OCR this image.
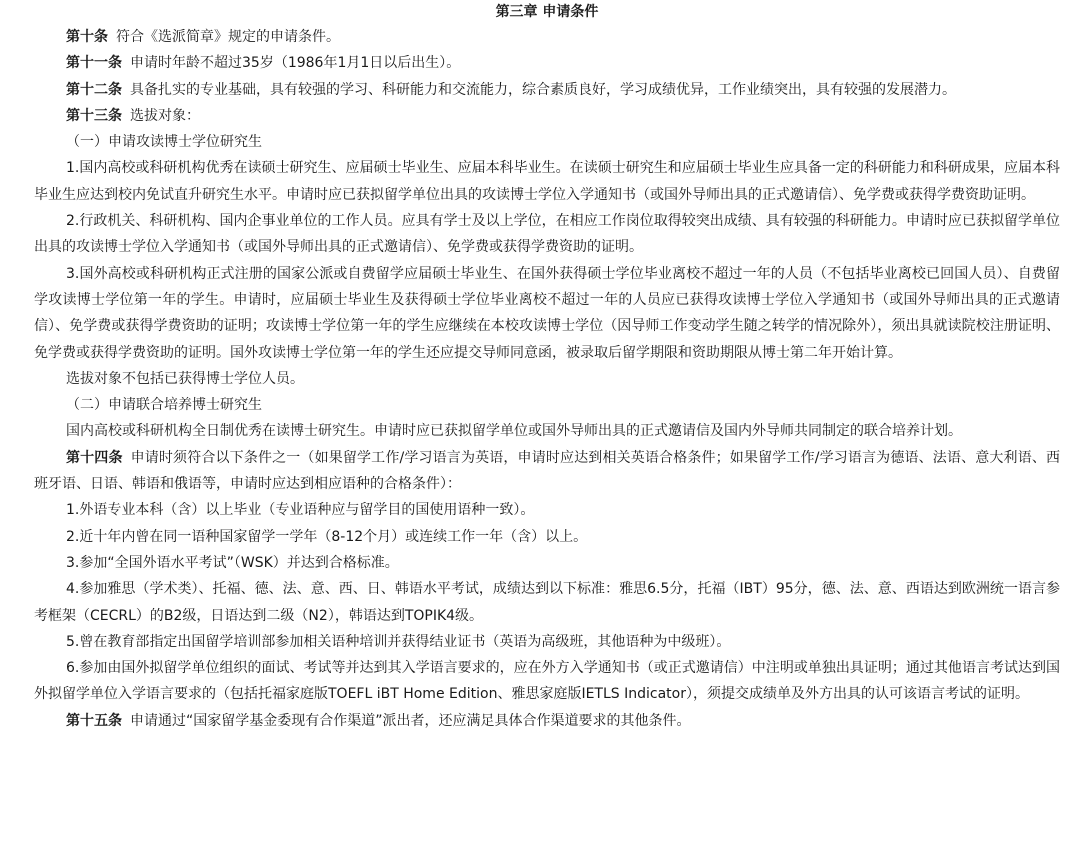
第三章 申请条件

第十条 符合《选派简章》规定的申请条件。

第十一条 申请时年龄不超过35岁（1986年1月1日以后出生）。

第十二条 具备扎实的专业基础，具有较强的学习、科研能力和交流能力，综合素质良好，学习成绩优异，工作业绩突出，具有较强的发展潜力。

第十三条 选拔对象：

（一）申请攻读博士学位研究生

1.国内高校或科研机构优秀在读硕士研究生、应届硕士毕业生、应届本科毕业生。在读硕士研究生和应届硕士毕业生应具备一定的科研能力和科研成果，应届本科毕业生应达到校内免试直升研究生水平。申请时应已获拟留学单位出具的攻读博士学位入学通知书（或国外导师出具的正式邀请信）、免学费或获得学费资助证明。

2.行政机关、科研机构、国内企事业单位的工作人员。应具有学士及以上学位，在相应工作岗位取得较突出成绩、具有较强的科研能力。申请时应已获拟留学单位出具的攻读博士学位入学通知书（或国外导师出具的正式邀请信）、免学费或获得学费资助的证明。

3.国外高校或科研机构正式注册的国家公派或自费留学应届硕士毕业生、在国外获得硕士学位毕业离校不超过一年的人员（不包括毕业离校已回国人员）、自费留学攻读博士学位第一年的学生。申请时，应届硕士毕业生及获得硕士学位毕业离校不超过一年的人员应已获得攻读博士学位入学通知书（或国外导师出具的正式邀请信）、免学费或获得学费资助的证明；攻读博士学位第一年的学生应继续在本校攻读博士学位（因导师工作变动学生随之转学的情况除外），须出具就读院校注册证明、免学费或获得学费资助的证明。国外攻读博士学位第一年的学生还应提交导师同意函，被录取后留学期限和资助期限从博士第二年开始计算。

选拔对象不包括已获得博士学位人员。

（二）申请联合培养博士研究生

国内高校或科研机构全日制优秀在读博士研究生。申请时应已获拟留学单位或国外导师出具的正式邀请信及国内外导师共同制定的联合培养计划。

第十四条 申请时须符合以下条件之一（如果留学工作/学习语言为英语，申请时应达到相关英语合格条件；如果留学工作/学习语言为德语、法语、意大利语、西班牙语、日语、韩语和俄语等，申请时应达到相应语种的合格条件）：

1.外语专业本科（含）以上毕业（专业语种应与留学目的国使用语种一致）。

2.近十年内曾在同一语种国家留学一学年（8-12个月）或连续工作一年（含）以上。

3.参加“全国外语水平考试”（WSK）并达到合格标准。

4.参加雅思（学术类）、托福、德、法、意、西、日、韩语水平考试，成绩达到以下标准：雅思6.5分，托福（IBT）95分，德、法、意、西语达到欧洲统一语言参考框架（CECRL）的B2级，日语达到二级（N2），韩语达到TOPIK4级。

5.曾在教育部指定出国留学培训部参加相关语种培训并获得结业证书（英语为高级班，其他语种为中级班）。

6.参加由国外拟留学单位组织的面试、考试等并达到其入学语言要求的，应在外方入学通知书（或正式邀请信）中注明或单独出具证明；通过其他语言考试达到国外拟留学单位入学语言要求的（包括托福家庭版TOEFL iBT Home Edition、雅思家庭版IETLS Indicator），须提交成绩单及外方出具的认可该语言考试的证明。

第十五条 申请通过“国家留学基金委现有合作渠道”派出者，还应满足具体合作渠道要求的其他条件。
